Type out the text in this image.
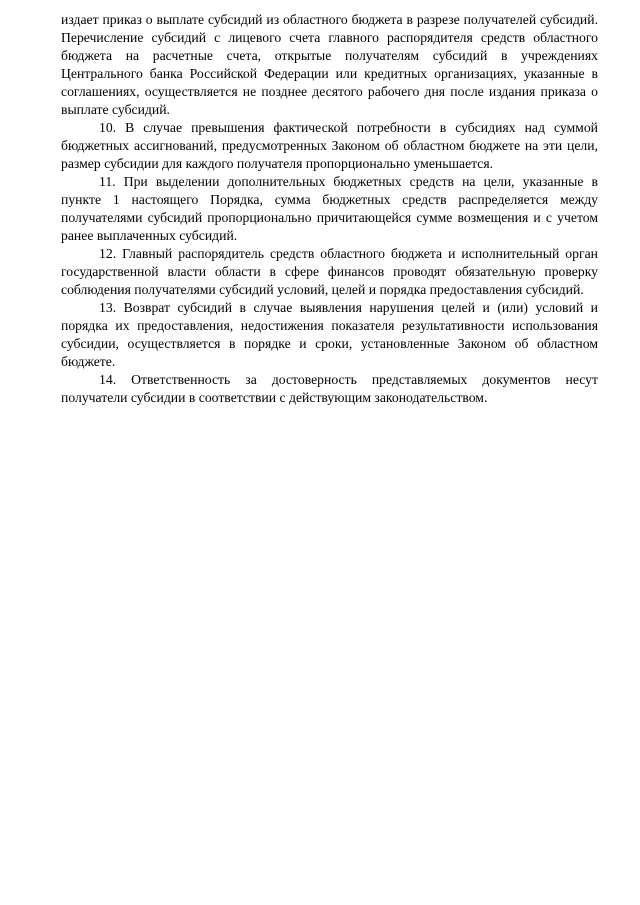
издает приказ о выплате субсидий из областного бюджета в разрезе получателей субсидий. Перечисление субсидий с лицевого счета главного распорядителя средств областного бюджета на расчетные счета, открытые получателям субсидий в учреждениях Центрального банка Российской Федерации или кредитных организациях, указанные в соглашениях, осуществляется не позднее десятого рабочего дня после издания приказа о выплате субсидий.

10. В случае превышения фактической потребности в субсидиях над суммой бюджетных ассигнований, предусмотренных Законом об областном бюджете на эти цели, размер субсидии для каждого получателя пропорционально уменьшается.

11. При выделении дополнительных бюджетных средств на цели, указанные в пункте 1 настоящего Порядка, сумма бюджетных средств распределяется между получателями субсидий пропорционально причитающейся сумме возмещения и с учетом ранее выплаченных субсидий.

12. Главный распорядитель средств областного бюджета и исполнительный орган государственной власти области в сфере финансов проводят обязательную проверку соблюдения получателями субсидий условий, целей и порядка предоставления субсидий.

13. Возврат субсидий в случае выявления нарушения целей и (или) условий и порядка их предоставления, недостижения показателя результативности использования субсидии, осуществляется в порядке и сроки, установленные Законом об областном бюджете.

14. Ответственность за достоверность представляемых документов несут получатели субсидии в соответствии с действующим законодательством.
